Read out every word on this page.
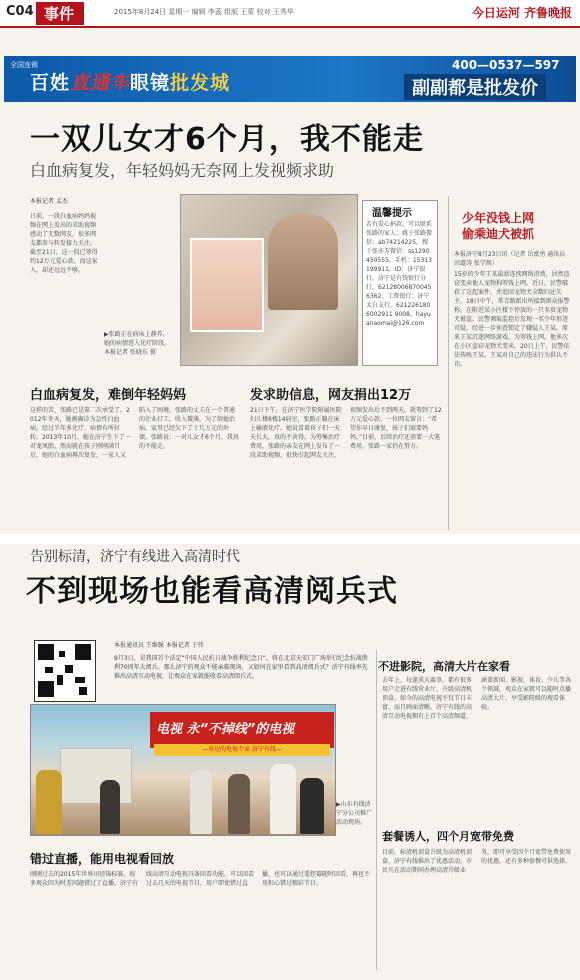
C04 事件	2015年8月24日 星期一 编辑 李蕊 组版 王蒙 校对 王秀华	今日运河 齐鲁晚报
全国连锁
百姓直通车眼镜批发城
400—0537—597
副副都是批发价
一双儿女才6个月，我不能走
白血病复发，年轻妈妈无奈网上发视频求助
本报记者 孟杰
日前，一段白血病妈妈视频在网上发出的求助视频感动了无数网友，很多网友都参与转发接力关注。截至21日，这一段已筹得约12万元爱心款，而这家人，却还远远不够。
▶张路正在病床上静养，她的病情进入化疗阶段。本报记者 张晓东 摄
温馨提示
若有爱心捐款，可以联系张路的家人：姚于张路微信：ab74214225，搜于张亦芳微信：ss1290450555，手机：15313199911，ID：济宁银行，济宁是有钱银行分行，621280068700456362，工资银行：济宁太白支行，6212261806002911 9008，hayuanaomai@126.com
少年没钱上网
偷乘迪犬被抓
本报济宁8月23日讯（记者 岳富勇 通讯员 田道涛 张学焕）
15岁的少年王某最新连续网络消费，居然盗窃变卖他人宠物狗筹钱上网。近日，民警破获了这起案件，并追回宠物犬全数归还失主。18日中午，常青路派出所接到群众报警称，在附近某小区楼下停放的一只名贵宠物犬被盗。民警调取监控后发现一名少年形迹可疑，经进一步侦查锁定了嫌疑人王某。原来王某沉迷网络游戏，为筹钱上网，他多次在小区盗窃宠物犬变卖。20日上午，民警依法传唤王某，王某对自己的违法行为供认不讳。
白血病复发，难倒年轻妈妈	发求助信息，网友捐出12万
这样的苦，张路已是第二次承受了。2012年冬天，她被确诊为急性白血病，经过半年多化疗，病情有所好转。2013年10月，她在济宁生下了一对龙凤胎。然而就在孩子刚刚满月后，她的白血病再次复发，一家人又陷入了困境。张路的丈夫在一个普通的企业打工，收入微薄。为了给她治病，家里已经欠下了十几万元的外债。张路说：一对儿女才6个月，我真的不能走。
21日下午，在济宁医学院附属医院妇儿楼6楼14病室，张路正躺在床上输液化疗。她说看着孩子们一天天长大，真的不舍得。为筹集治疗费用，张路的亲友在网上发布了一段求助视频，很快引起网友关注，视频发出后不到两天，就筹到了12万元爱心款。一位网友留言：“希望你早日康复，孩子们需要妈妈。”目前，后续治疗还需要一大笔费用，张路一家仍在努力。
告别标清，济宁有线进入高清时代
不到现场也能看高清阅兵式
本报通讯员 王维强 本报记者 于伟
9月3日，是我国首个法定“中国人民抗日战争胜利纪念日”，将在北京天安门广场举行纪念抗战胜利70周年大阅兵。那么济宁的观众不能亲临现场，又如何在家里看到高清阅兵式？济宁有线率先推出高清互动电视，让观众在家就能收看高清阅兵式。
电视 永“不掉线”的电视
—身边的电视专家 济宁有线—
▶山东有线济宁分公司推广活动现场。
不进影院，高清大片在家看
去年上，每逢重大赛事，都有很多用户走进有线营业厅，升级高清机顶盒。如今的高清电视不仅节目丰富，而且画面清晰。济宁有线的高清互动电视拥有上百个高清频道，涵盖新闻、影视、体育、少儿等各个领域，观众在家就可以随时点播高清大片，享受影院级的观看体验。
套餐诱人，四个月宽带免费
目前，标清机顶盒升级为高清机顶盒，济宁有线推出了优惠活动，市民凡在活动期间办理高清升级业务，即可享受四个月宽带免费使用的优惠，还有多种套餐可供选择。
错过直播，能用电视看回放
刚刚过去的2015年世界田径锦标赛，很多观众因为时差问题错过了直播。济宁有线高清互动电视具备回看功能，可以回看过去几天的电视节目，用户即使错过直播，也可以通过遥控器随时回看，再也不用担心错过精彩节目。
